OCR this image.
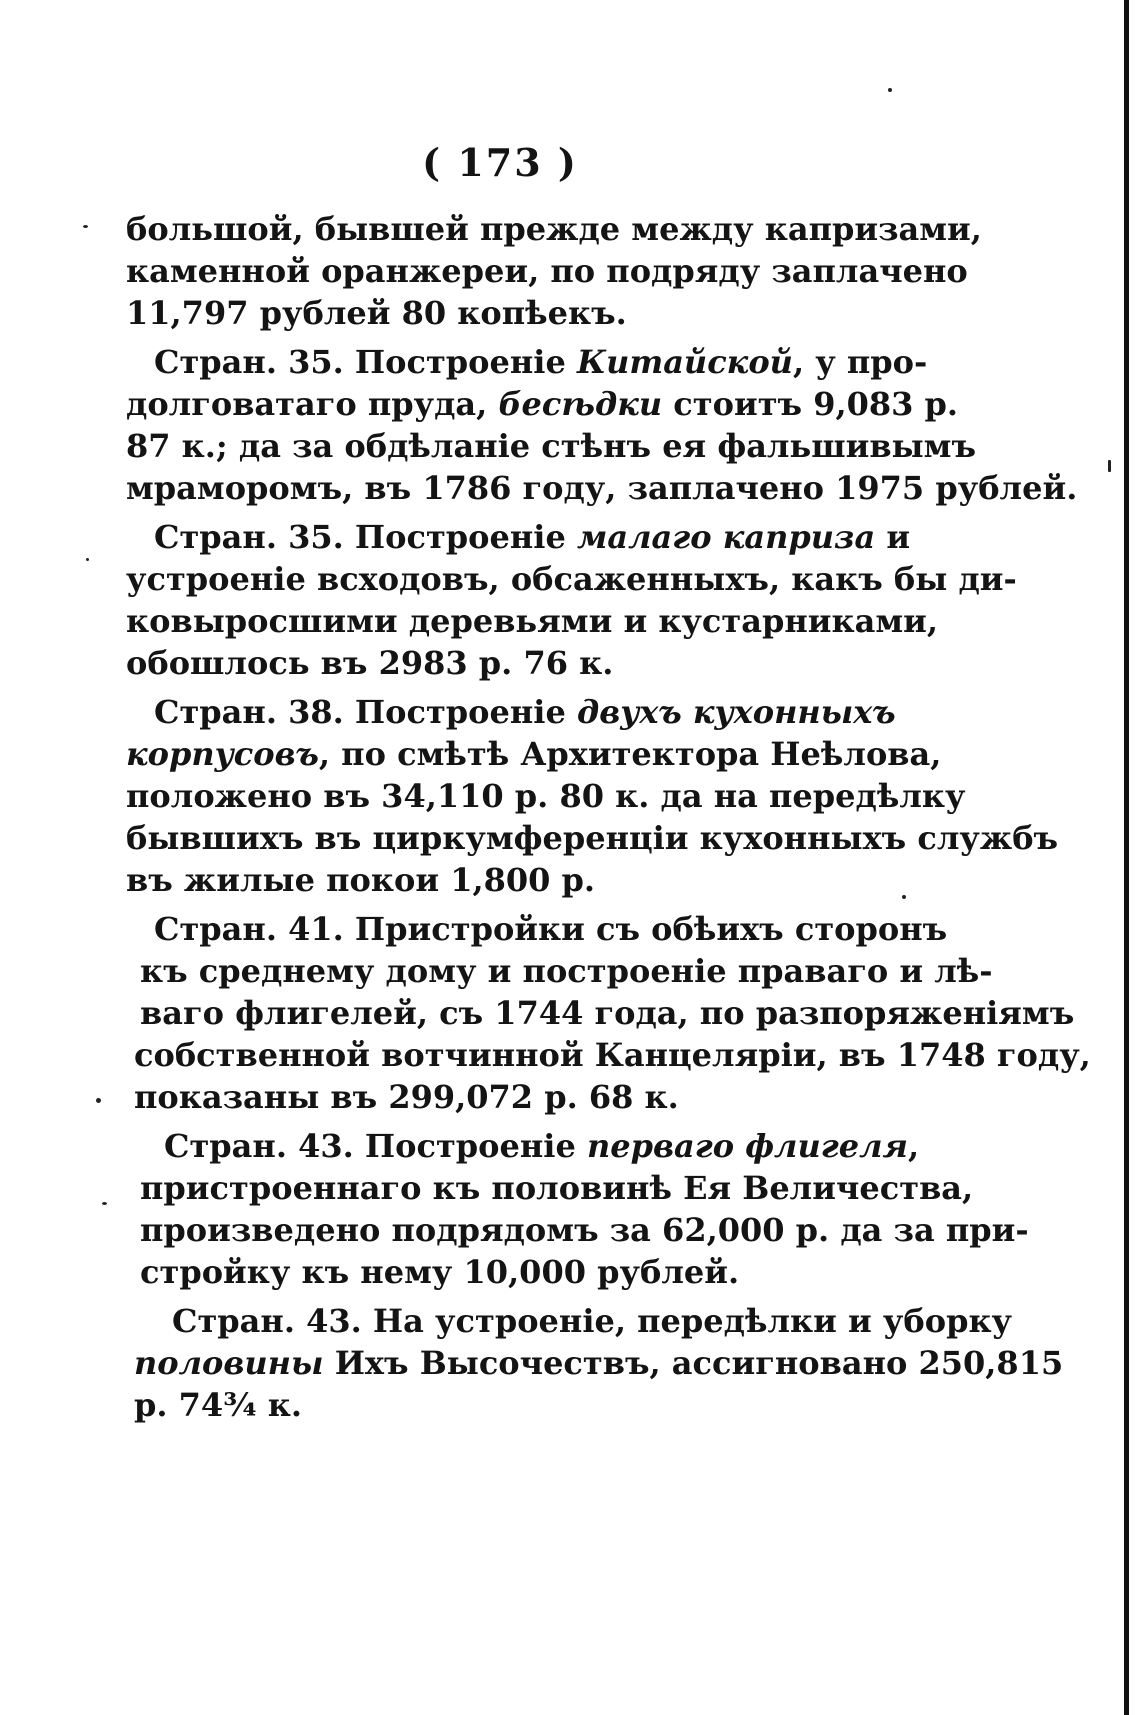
( 173 )
большой, бывшей прежде между капризами,
каменной оранжереи, по подряду заплачено
11,797 рублей 80 копѣекъ.
Стран. 35. Построеніе Китайской, у про-
долговатаго пруда, бесѣдки стоитъ 9,083 р.
87 к.; да за обдѣланіе стѣнъ ея фальшивымъ
мраморомъ, въ 1786 году, заплачено 1975 рублей.
Стран. 35. Построеніе малаго каприза и
устроеніе всходовъ, обсаженныхъ, какъ бы ди-
ковыросшими деревьями и кустарниками,
обошлось въ 2983 р. 76 к.
Стран. 38. Построеніе двухъ кухонныхъ
корпусовъ, по смѣтѣ Архитектора Неѣлова,
положено въ 34,110 р. 80 к. да на передѣлку
бывшихъ въ циркумференціи кухонныхъ службъ
въ жилые покои 1,800 р.
Стран. 41. Пристройки съ обѣихъ сторонъ
къ среднему дому и построеніе праваго и лѣ-
ваго флигелей, съ 1744 года, по разпоряженіямъ
собственной вотчинной Канцеляріи, въ 1748 году,
показаны въ 299,072 р. 68 к.
Стран. 43. Построеніе перваго флигеля,
пристроеннаго къ половинѣ Ея Величества,
произведено подрядомъ за 62,000 р. да за при-
стройку къ нему 10,000 рублей.
Стран. 43. На устроеніе, передѣлки и уборку
половины Ихъ Высочествъ, ассигновано 250,815
р. 74¾ к.
